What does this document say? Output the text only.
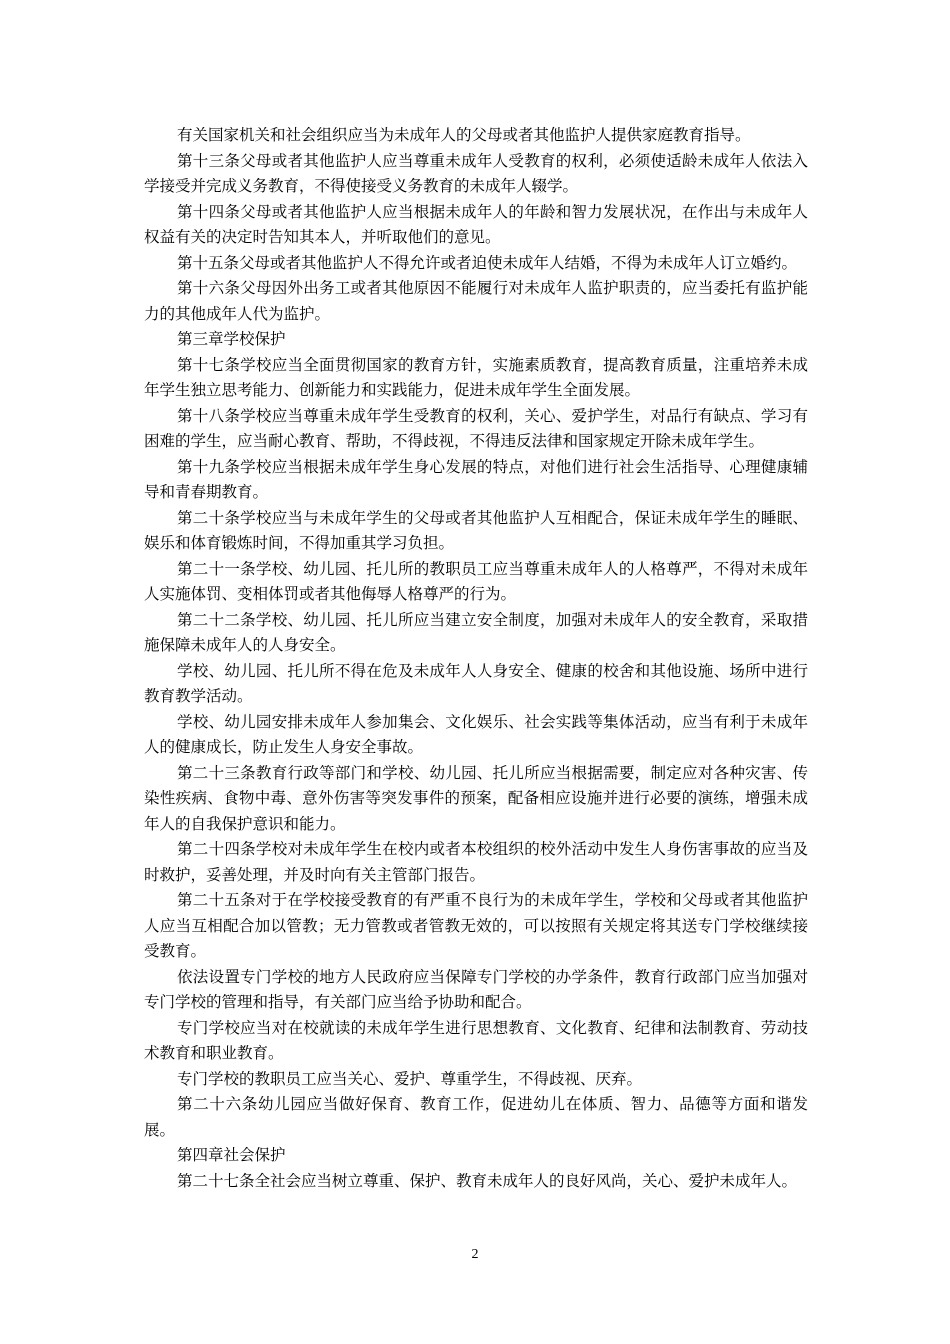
有关国家机关和社会组织应当为未成年人的父母或者其他监护人提供家庭教育指导。

第十三条父母或者其他监护人应当尊重未成年人受教育的权利，必须使适龄未成年人依法入学接受并完成义务教育，不得使接受义务教育的未成年人辍学。

第十四条父母或者其他监护人应当根据未成年人的年龄和智力发展状况，在作出与未成年人权益有关的决定时告知其本人，并听取他们的意见。

第十五条父母或者其他监护人不得允许或者迫使未成年人结婚，不得为未成年人订立婚约。

第十六条父母因外出务工或者其他原因不能履行对未成年人监护职责的，应当委托有监护能力的其他成年人代为监护。

第三章学校保护

第十七条学校应当全面贯彻国家的教育方针，实施素质教育，提高教育质量，注重培养未成年学生独立思考能力、创新能力和实践能力，促进未成年学生全面发展。

第十八条学校应当尊重未成年学生受教育的权利，关心、爱护学生，对品行有缺点、学习有困难的学生，应当耐心教育、帮助，不得歧视，不得违反法律和国家规定开除未成年学生。

第十九条学校应当根据未成年学生身心发展的特点，对他们进行社会生活指导、心理健康辅导和青春期教育。

第二十条学校应当与未成年学生的父母或者其他监护人互相配合，保证未成年学生的睡眠、娱乐和体育锻炼时间，不得加重其学习负担。

第二十一条学校、幼儿园、托儿所的教职员工应当尊重未成年人的人格尊严，不得对未成年人实施体罚、变相体罚或者其他侮辱人格尊严的行为。

第二十二条学校、幼儿园、托儿所应当建立安全制度，加强对未成年人的安全教育，采取措施保障未成年人的人身安全。

学校、幼儿园、托儿所不得在危及未成年人人身安全、健康的校舍和其他设施、场所中进行教育教学活动。

学校、幼儿园安排未成年人参加集会、文化娱乐、社会实践等集体活动，应当有利于未成年人的健康成长，防止发生人身安全事故。

第二十三条教育行政等部门和学校、幼儿园、托儿所应当根据需要，制定应对各种灾害、传染性疾病、食物中毒、意外伤害等突发事件的预案，配备相应设施并进行必要的演练，增强未成年人的自我保护意识和能力。

第二十四条学校对未成年学生在校内或者本校组织的校外活动中发生人身伤害事故的应当及时救护，妥善处理，并及时向有关主管部门报告。

第二十五条对于在学校接受教育的有严重不良行为的未成年学生，学校和父母或者其他监护人应当互相配合加以管教；无力管教或者管教无效的，可以按照有关规定将其送专门学校继续接受教育。

依法设置专门学校的地方人民政府应当保障专门学校的办学条件，教育行政部门应当加强对专门学校的管理和指导，有关部门应当给予协助和配合。

专门学校应当对在校就读的未成年学生进行思想教育、文化教育、纪律和法制教育、劳动技术教育和职业教育。

专门学校的教职员工应当关心、爱护、尊重学生，不得歧视、厌弃。

第二十六条幼儿园应当做好保育、教育工作，促进幼儿在体质、智力、品德等方面和谐发展。

第四章社会保护

第二十七条全社会应当树立尊重、保护、教育未成年人的良好风尚，关心、爱护未成年人。

2
